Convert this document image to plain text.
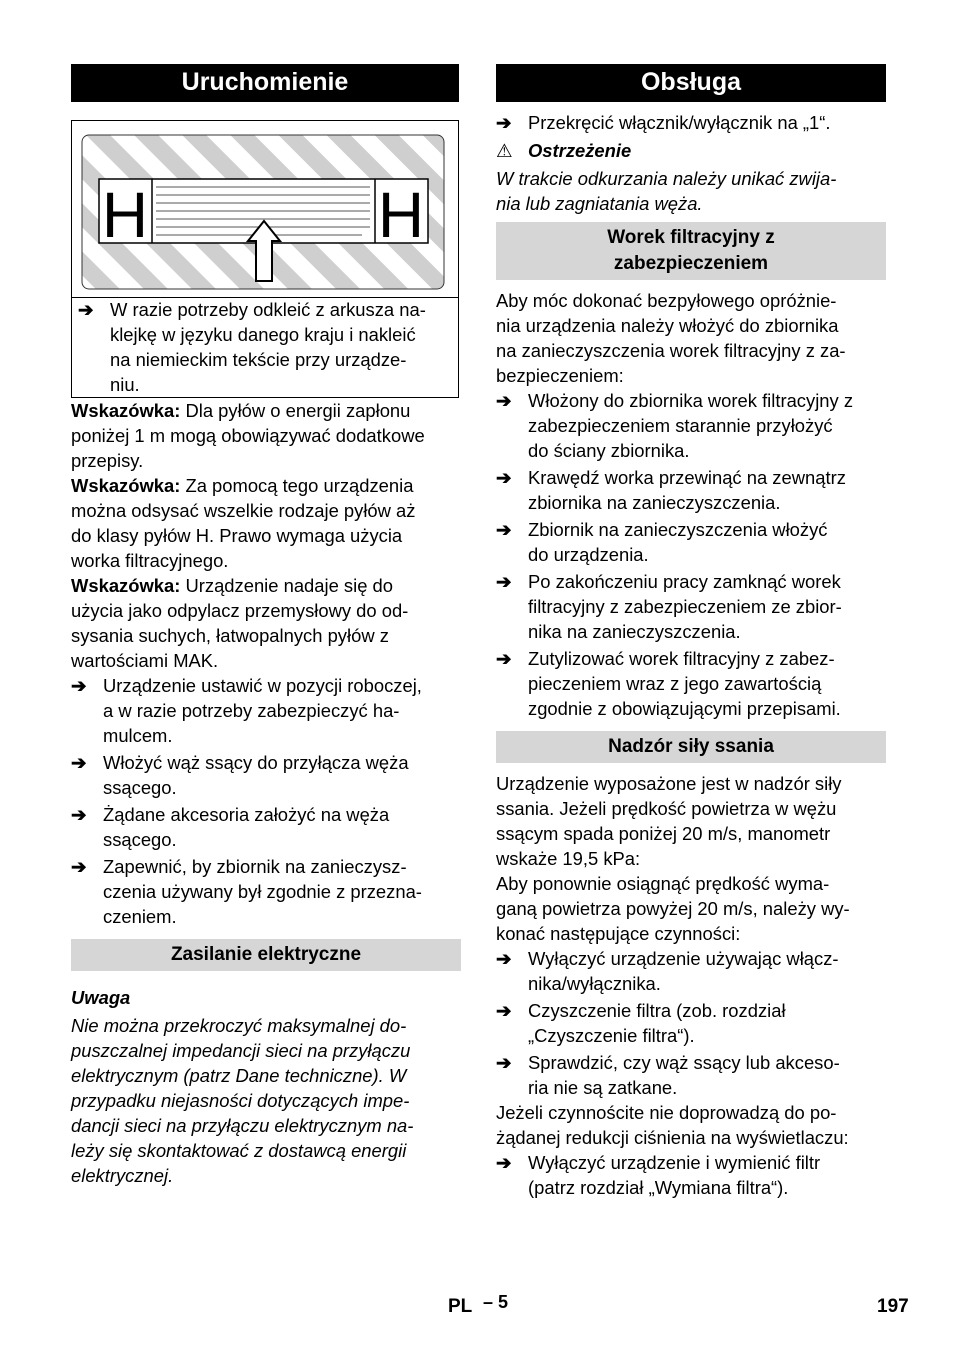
Uruchomienie
H	H
➔ W razie potrzeby odkleić z arkusza na-
klejkę w języku danego kraju i nakleić
na niemieckim tekście przy urządze-
niu.
Wskazówka: Dla pyłów o energii zapłonu
poniżej 1 m mogą obowiązywać dodatkowe
przepisy.
Wskazówka: Za pomocą tego urządzenia
można odsysać wszelkie rodzaje pyłów aż
do klasy pyłów H. Prawo wymaga użycia
worka filtracyjnego.
Wskazówka: Urządzenie nadaje się do
użycia jako odpylacz przemysłowy do od-
sysania suchych, łatwopalnych pyłów z
wartościami MAK.
➔ Urządzenie ustawić w pozycji roboczej,
a w razie potrzeby zabezpieczyć ha-
mulcem.
➔ Włożyć wąż ssący do przyłącza węża
ssącego.
➔ Żądane akcesoria założyć na węża
ssącego.
➔ Zapewnić, by zbiornik na zanieczysz-
czenia używany był zgodnie z przezna-
czeniem.
Zasilanie elektryczne
Uwaga
Nie można przekroczyć maksymalnej do-
puszczalnej impedancji sieci na przyłączu
elektrycznym (patrz Dane techniczne). W
przypadku niejasności dotyczących impe-
dancji sieci na przyłączu elektrycznym na-
leży się skontaktować z dostawcą energii
elektrycznej.
Obsługa
➔ Przekręcić włącznik/wyłącznik na „1“.
⚠ Ostrzeżenie
W trakcie odkurzania należy unikać zwija-
nia lub zagniatania węża.
Worek filtracyjny z
zabezpieczeniem
Aby móc dokonać bezpyłowego opróżnie-
nia urządzenia należy włożyć do zbiornika
na zanieczyszczenia worek filtracyjny z za-
bezpieczeniem:
➔ Włożony do zbiornika worek filtracyjny z
zabezpieczeniem starannie przyłożyć
do ściany zbiornika.
➔ Krawędź worka przewinąć na zewnątrz
zbiornika na zanieczyszczenia.
➔ Zbiornik na zanieczyszczenia włożyć
do urządzenia.
➔ Po zakończeniu pracy zamknąć worek
filtracyjny z zabezpieczeniem ze zbior-
nika na zanieczyszczenia.
➔ Zutylizować worek filtracyjny z zabez-
pieczeniem wraz z jego zawartością
zgodnie z obowiązującymi przepisami.
Nadzór siły ssania
Urządzenie wyposażone jest w nadzór siły
ssania. Jeżeli prędkość powietrza w wężu
ssącym spada poniżej 20 m/s, manometr
wskaże 19,5 kPa:
Aby ponownie osiągnąć prędkość wyma-
ganą powietrza powyżej 20 m/s, należy wy-
konać następujące czynności:
➔ Wyłączyć urządzenie używając włącz-
nika/wyłącznika.
➔ Czyszczenie filtra (zob. rozdział
„Czyszczenie filtra“).
➔ Sprawdzić, czy wąż ssący lub akceso-
ria nie są zatkane.
Jeżeli czynnościte nie doprowadzą do po-
żądanej redukcji ciśnienia na wyświetlaczu:
➔ Wyłączyć urządzenie i wymienić filtr
(patrz rozdział „Wymiana filtra“).
PL – 5	197
